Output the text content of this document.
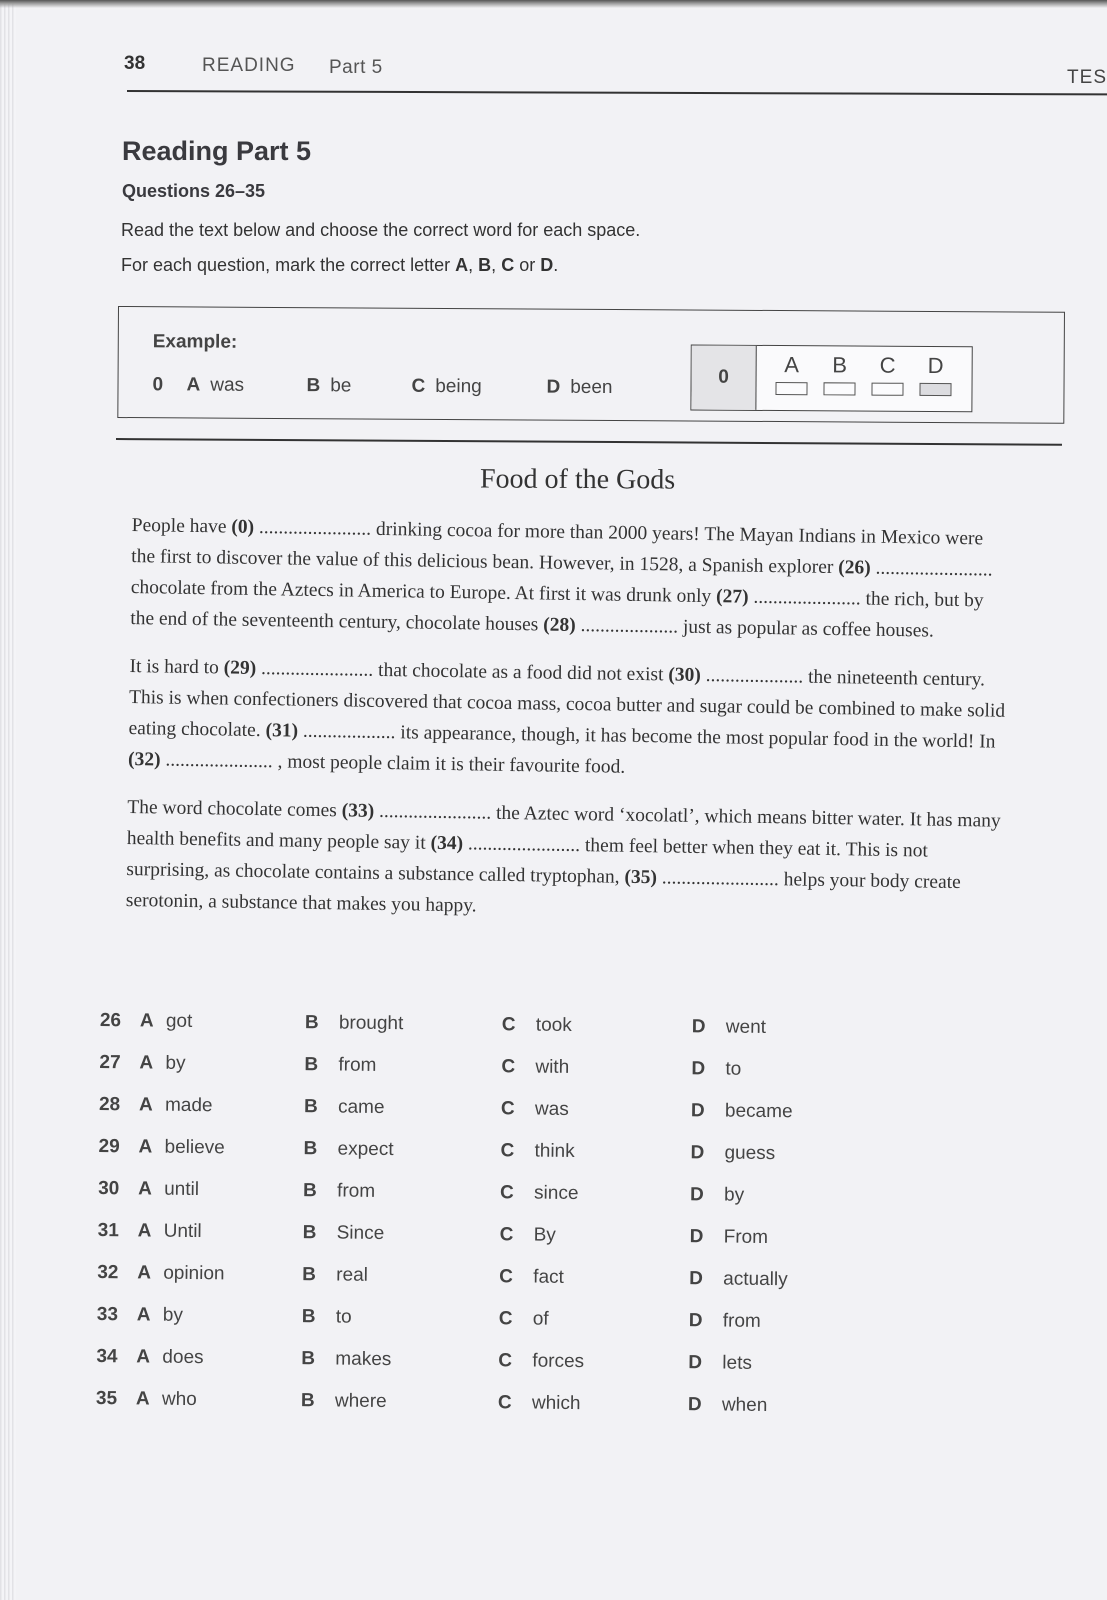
38	READING Part 5	TES
Reading Part 5
Questions 26–35
Read the text below and choose the correct word for each space.
For each question, mark the correct letter A, B, C or D.
Example:
0 A was	B be	C being	D been	0
A	B	C	D
Food of the Gods

People have (0) ....................... drinking cocoa for more than 2000 years! The Mayan Indians in Mexico were the first to discover the value of this delicious bean. However, in 1528, a Spanish explorer (26) ........................ chocolate from the Aztecs in America to Europe. At first it was drunk only (27) ...................... the rich, but by the end of the seventeenth century, chocolate houses (28) .................... just as popular as coffee houses.

It is hard to (29) ....................... that chocolate as a food did not exist (30) .................... the nineteenth century. This is when confectioners discovered that cocoa mass, cocoa butter and sugar could be combined to make solid eating chocolate. (31) ................... its appearance, though, it has become the most popular food in the world! In (32) ...................... , most people claim it is their favourite food.

The word chocolate comes (33) ....................... the Aztec word ‘xocolatl’, which means bitter water. It has many health benefits and many people say it (34) ....................... them feel better when they eat it. This is not surprising, as chocolate contains a substance called tryptophan, (35) ........................ helps your body create serotonin, a substance that makes you happy.

26 A got	B brought	C took	D went
27 A by	B from	C with	D to
28 A made	B came	C was	D became
29 A believe	B expect	C think	D guess
30 A until	B from	C since	D by
31 A Until	B Since	C By	D From
32 A opinion	B real	C fact	D actually
33 A by	B to	C of	D from
34 A does	B makes	C forces	D lets
35 A who	B where	C which	D when
